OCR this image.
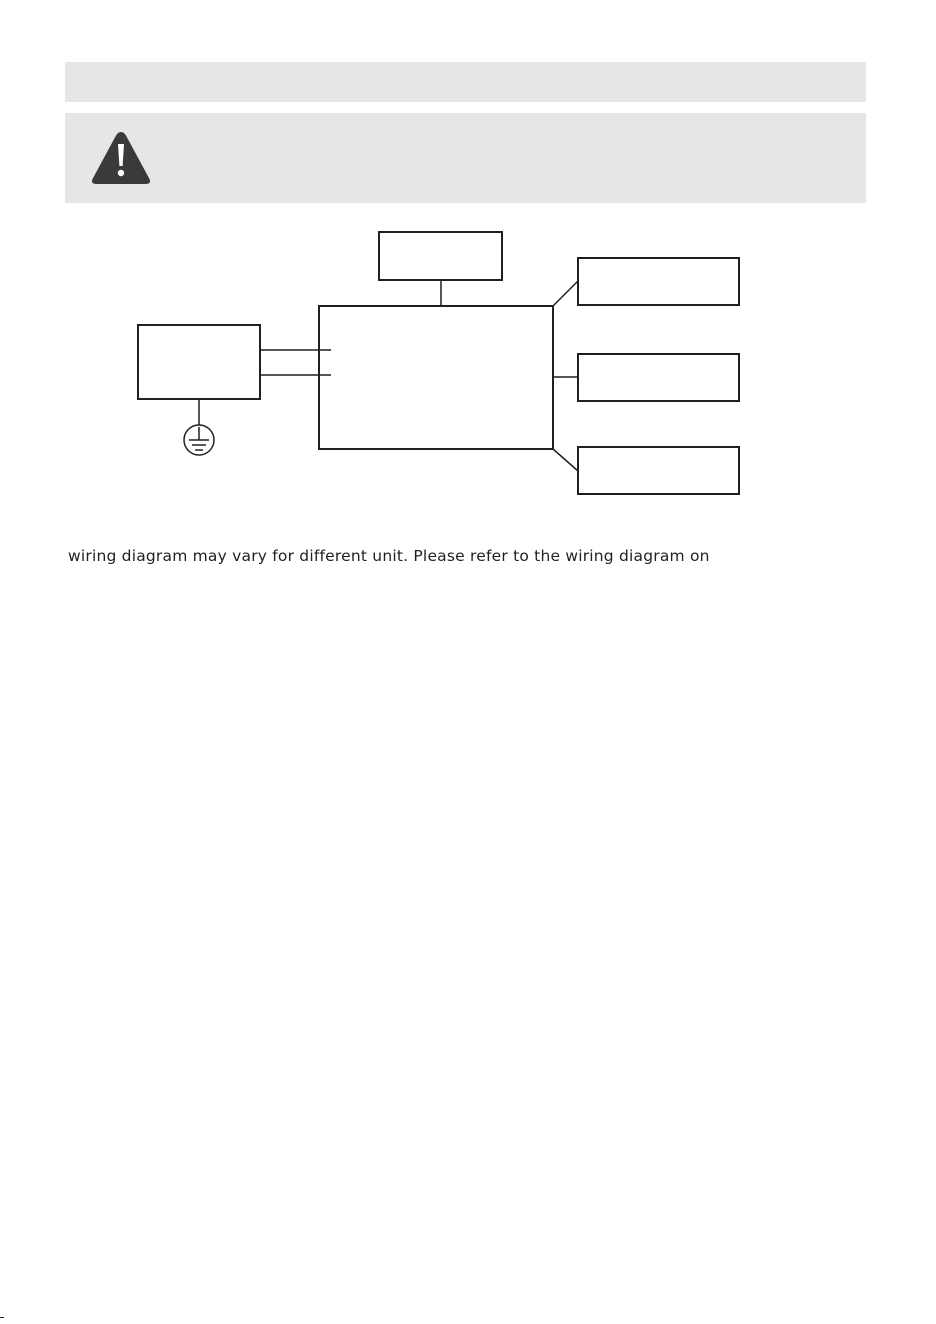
wiring diagram may vary for different unit. Please refer to the wiring diagram on
